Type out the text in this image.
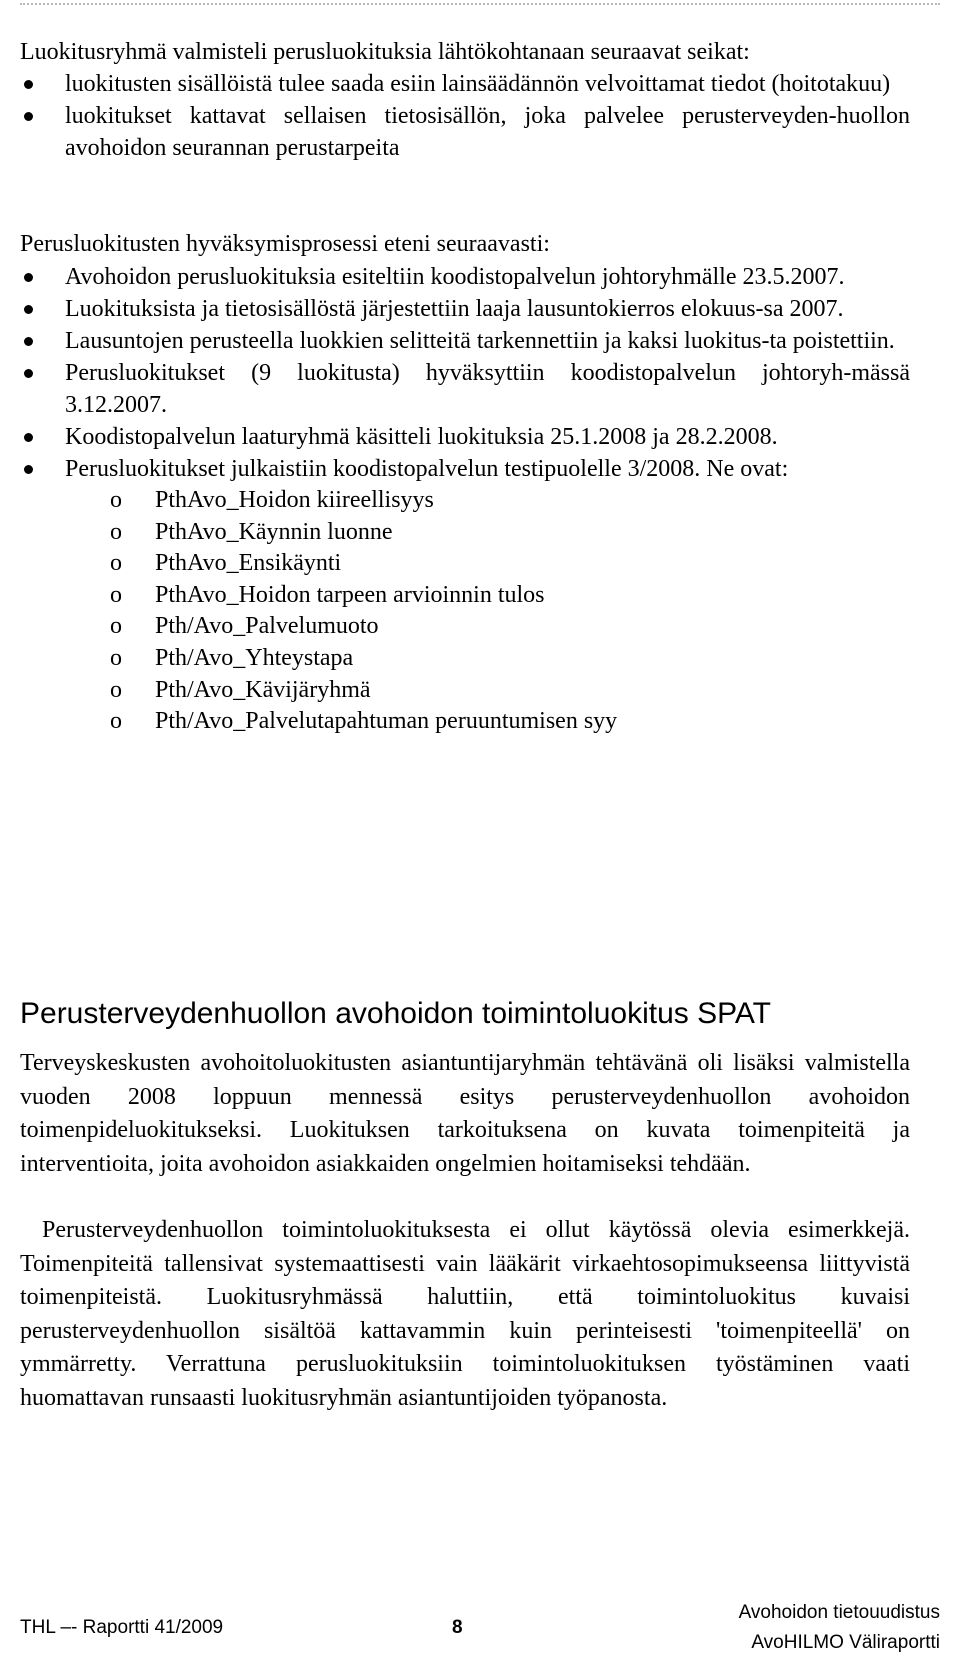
Luokitusryhmä valmisteli perusluokituksia lähtökohtanaan seuraavat seikat:

luokitusten sisällöistä tulee saada esiin lainsäädännön velvoittamat tiedot (hoitotakuu)
luokitukset kattavat sellaisen tietosisällön, joka palvelee perusterveyden-huollon avohoidon seurannan perustarpeita

Perusluokitusten hyväksymisprosessi eteni seuraavasti:

Avohoidon perusluokituksia esiteltiin koodistopalvelun johtoryhmälle 23.5.2007.
Luokituksista ja tietosisällöstä järjestettiin laaja lausuntokierros elokuus-sa 2007.
Lausuntojen perusteella luokkien selitteitä tarkennettiin ja kaksi luokitus-ta poistettiin.
Perusluokitukset (9 luokitusta) hyväksyttiin koodistopalvelun johtoryh-mässä 3.12.2007.
Koodistopalvelun laaturyhmä käsitteli luokituksia 25.1.2008 ja 28.2.2008.
Perusluokitukset julkaistiin koodistopalvelun testipuolelle 3/2008. Ne ovat:
o PthAvo_Hoidon kiireellisyys
o PthAvo_Käynnin luonne
o PthAvo_Ensikäynti
o PthAvo_Hoidon tarpeen arvioinnin tulos
o Pth/Avo_Palvelumuoto
o Pth/Avo_Yhteystapa
o Pth/Avo_Kävijäryhmä
o Pth/Avo_Palvelutapahtuman peruuntumisen syy
Perusterveydenhuollon avohoidon toimintoluokitus SPAT

Terveyskeskusten avohoitoluokitusten asiantuntijaryhmän tehtävänä oli lisäksi valmistella vuoden 2008 loppuun mennessä esitys perusterveydenhuollon avohoidon toimenpideluokitukseksi. Luokituksen tarkoituksena on kuvata toimenpiteitä ja interventioita, joita avohoidon asiakkaiden ongelmien hoitamiseksi tehdään.

Perusterveydenhuollon toimintoluokituksesta ei ollut käytössä olevia esimerkkejä. Toimenpiteitä tallensivat systemaattisesti vain lääkärit virkaehtosopimukseensa liittyvistä toimenpiteistä. Luokitusryhmässä haluttiin, että toimintoluokitus kuvaisi perusterveydenhuollon sisältöä kattavammin kuin perinteisesti 'toimenpiteellä' on ymmärretty. Verrattuna perusluokituksiin toimintoluokituksen työstäminen vaati huomattavan runsaasti luokitusryhmän asiantuntijoiden työpanosta.

THL –- Raportti 41/2009	8
Avohoidon tietouudistus
AvoHILMO Väliraportti
